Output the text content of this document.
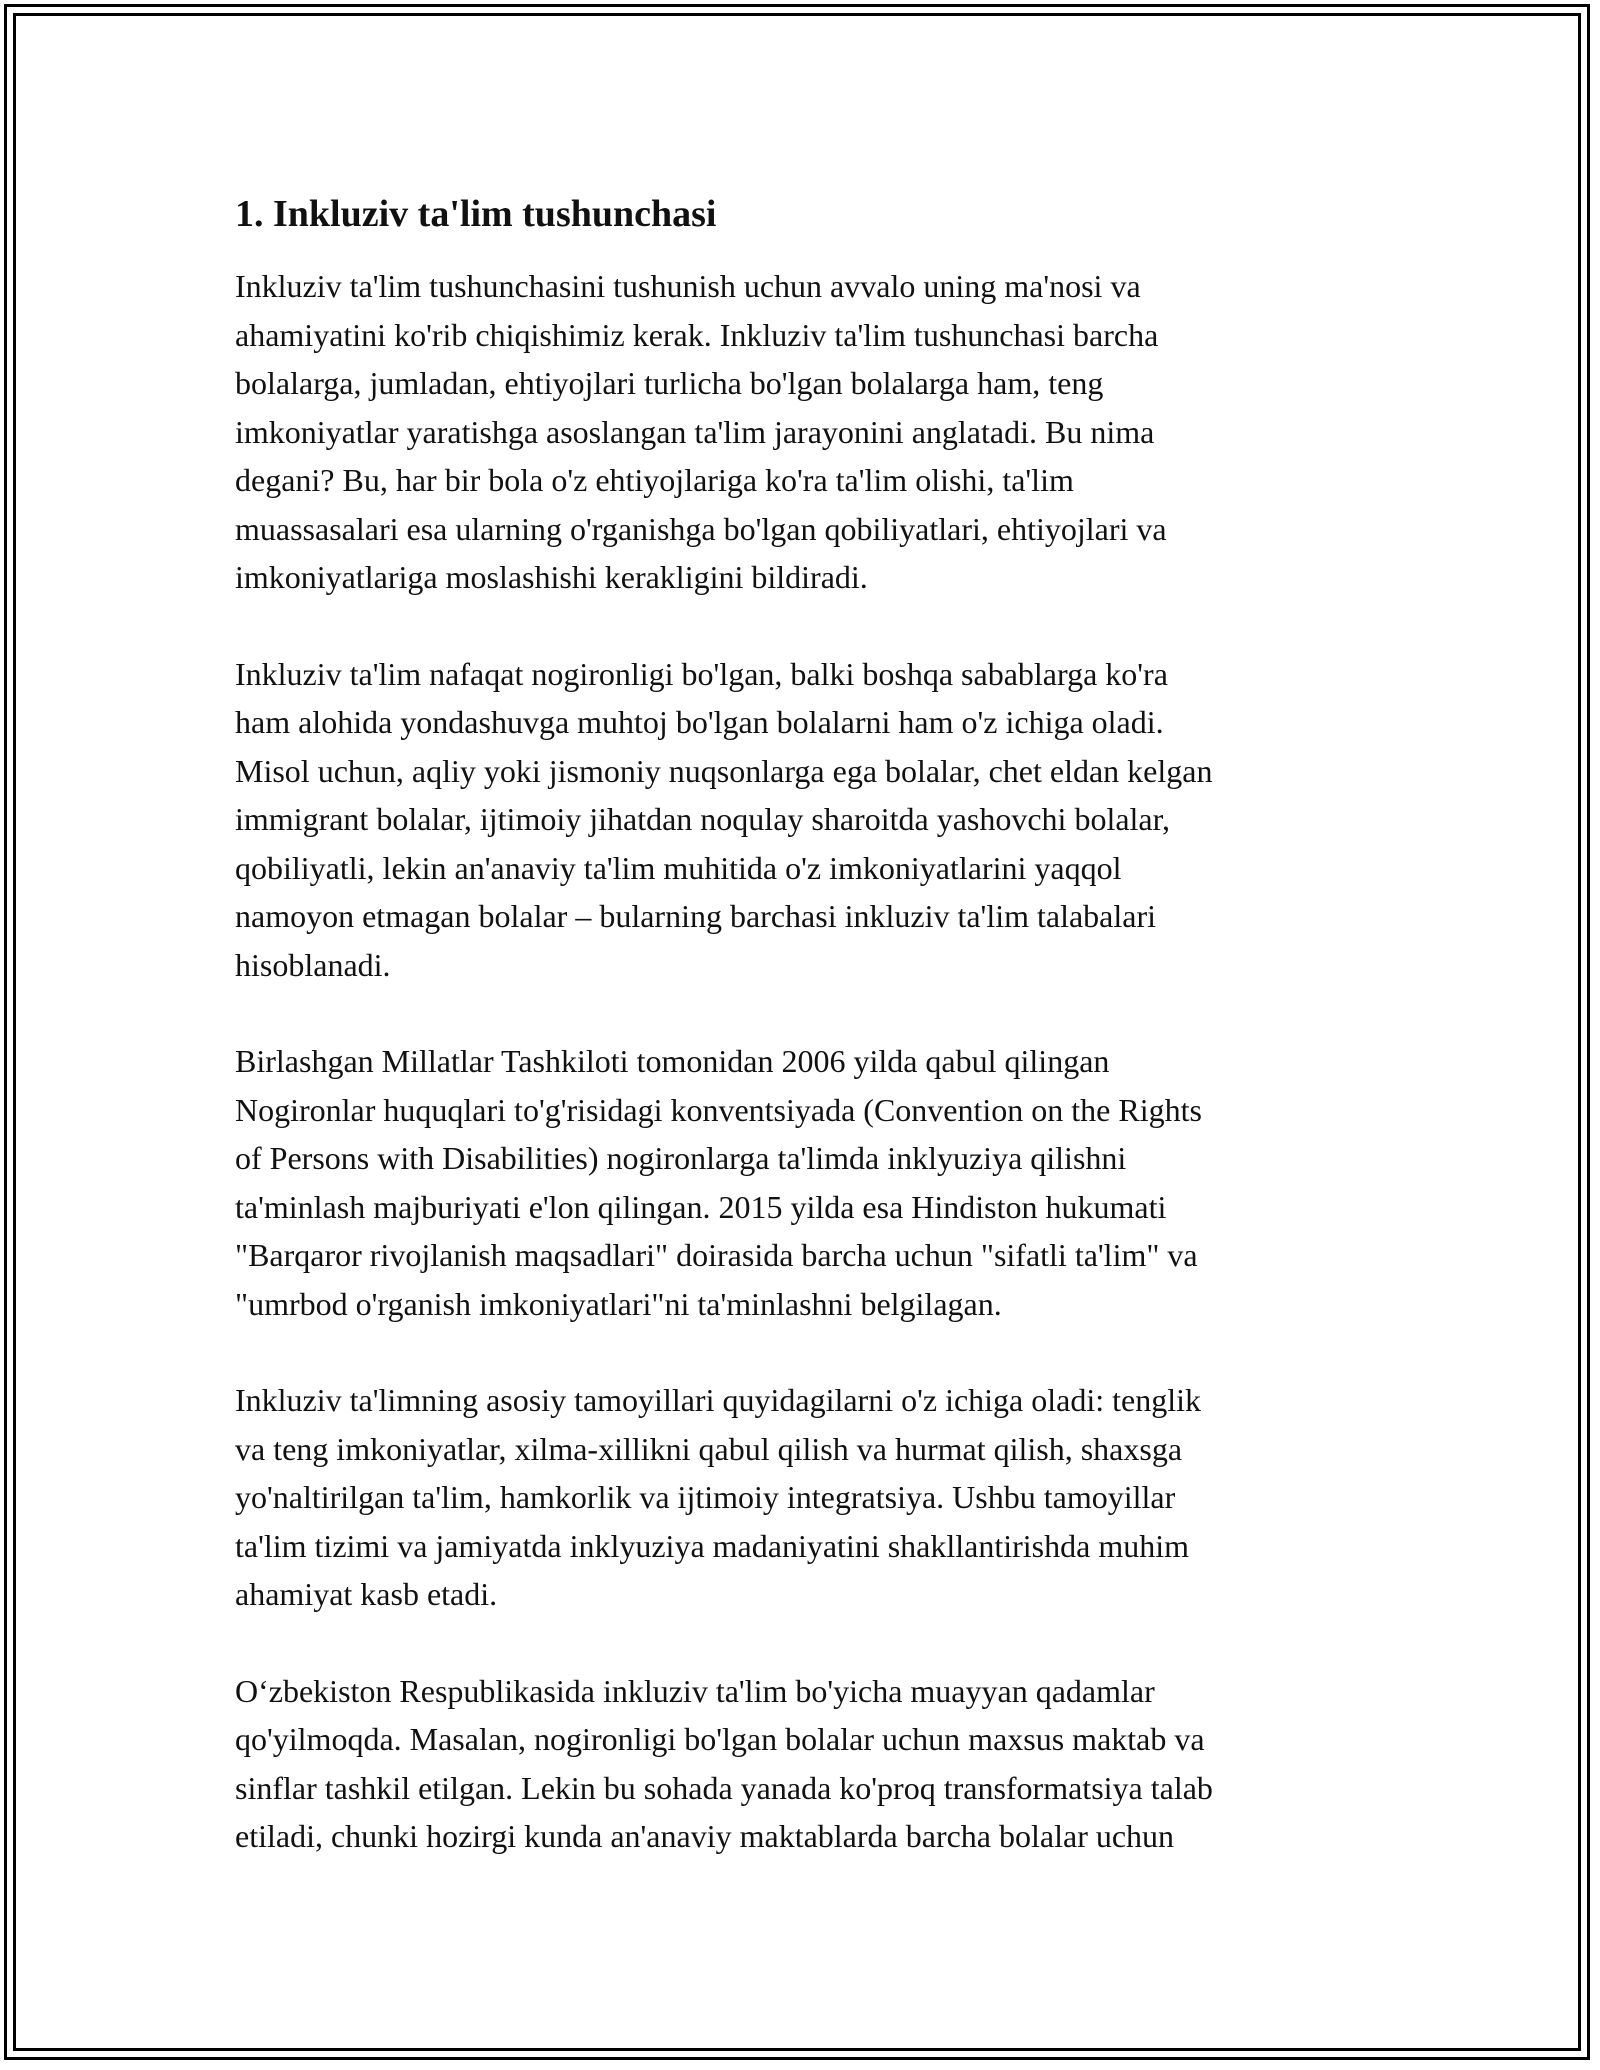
1. Inkluziv ta'lim tushunchasi

Inkluziv ta'lim tushunchasini tushunish uchun avvalo uning ma'nosi va
ahamiyatini ko'rib chiqishimiz kerak. Inkluziv ta'lim tushunchasi barcha
bolalarga, jumladan, ehtiyojlari turlicha bo'lgan bolalarga ham, teng
imkoniyatlar yaratishga asoslangan ta'lim jarayonini anglatadi. Bu nima
degani? Bu, har bir bola o'z ehtiyojlariga ko'ra ta'lim olishi, ta'lim
muassasalari esa ularning o'rganishga bo'lgan qobiliyatlari, ehtiyojlari va
imkoniyatlariga moslashishi kerakligini bildiradi.

Inkluziv ta'lim nafaqat nogironligi bo'lgan, balki boshqa sabablarga ko'ra
ham alohida yondashuvga muhtoj bo'lgan bolalarni ham o'z ichiga oladi.
Misol uchun, aqliy yoki jismoniy nuqsonlarga ega bolalar, chet eldan kelgan
immigrant bolalar, ijtimoiy jihatdan noqulay sharoitda yashovchi bolalar,
qobiliyatli, lekin an'anaviy ta'lim muhitida o'z imkoniyatlarini yaqqol
namoyon etmagan bolalar – bularning barchasi inkluziv ta'lim talabalari
hisoblanadi.

Birlashgan Millatlar Tashkiloti tomonidan 2006 yilda qabul qilingan
Nogironlar huquqlari to'g'risidagi konventsiyada (Convention on the Rights
of Persons with Disabilities) nogironlarga ta'limda inklyuziya qilishni
ta'minlash majburiyati e'lon qilingan. 2015 yilda esa Hindiston hukumati
"Barqaror rivojlanish maqsadlari" doirasida barcha uchun "sifatli ta'lim" va
"umrbod o'rganish imkoniyatlari"ni ta'minlashni belgilagan.

Inkluziv ta'limning asosiy tamoyillari quyidagilarni o'z ichiga oladi: tenglik
va teng imkoniyatlar, xilma-xillikni qabul qilish va hurmat qilish, shaxsga
yo'naltirilgan ta'lim, hamkorlik va ijtimoiy integratsiya. Ushbu tamoyillar
ta'lim tizimi va jamiyatda inklyuziya madaniyatini shakllantirishda muhim
ahamiyat kasb etadi.

O‘zbekiston Respublikasida inkluziv ta'lim bo'yicha muayyan qadamlar
qo'yilmoqda. Masalan, nogironligi bo'lgan bolalar uchun maxsus maktab va
sinflar tashkil etilgan. Lekin bu sohada yanada ko'proq transformatsiya talab
etiladi, chunki hozirgi kunda an'anaviy maktablarda barcha bolalar uchun
